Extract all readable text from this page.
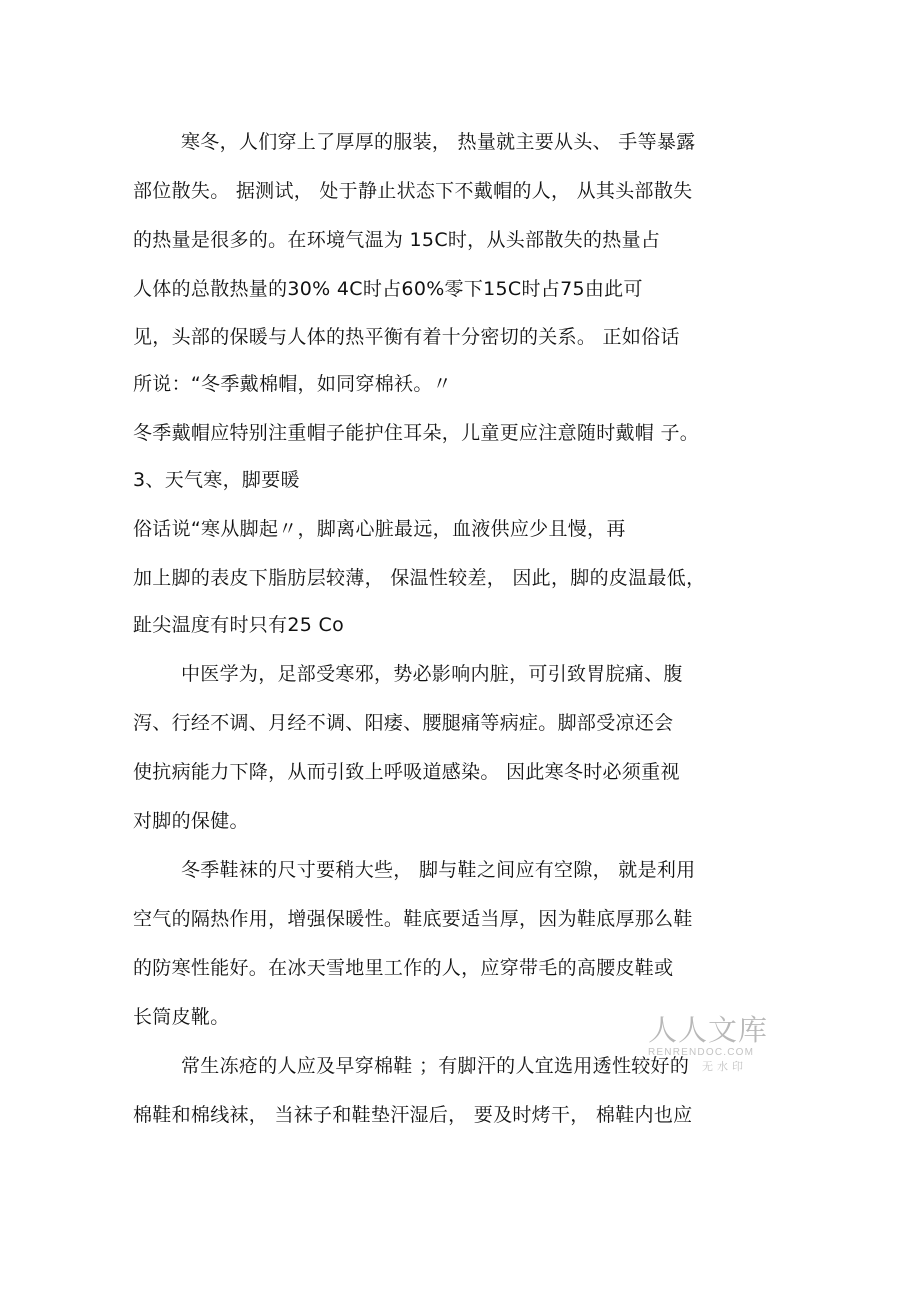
寒冬，人们穿上了厚厚的服装， 热量就主要从头、 手等暴露
部位散失。 据测试， 处于静止状态下不戴帽的人， 从其头部散失
的热量是很多的。在环境气温为 15C时，从头部散失的热量占
人体的总散热量的30% 4C时占60%零下15C时占75由此可
见，头部的保暖与人体的热平衡有着十分密切的关系。 正如俗话
所说：“冬季戴棉帽，如同穿棉袄。〃
冬季戴帽应特别注重帽子能护住耳朵，儿童更应注意随时戴帽 子。
3、天气寒，脚要暖
俗话说“寒从脚起〃，脚离心脏最远，血液供应少且慢，再
加上脚的表皮下脂肪层较薄， 保温性较差， 因此，脚的皮温最低，
趾尖温度有时只有25 Co
中医学为，足部受寒邪，势必影响内脏，可引致胃脘痛、腹
泻、行经不调、月经不调、阳痿、腰腿痛等病症。脚部受凉还会
使抗病能力下降，从而引致上呼吸道感染。 因此寒冬时必须重视
对脚的保健。
冬季鞋袜的尺寸要稍大些， 脚与鞋之间应有空隙， 就是利用
空气的隔热作用，增强保暖性。鞋底要适当厚，因为鞋底厚那么鞋
的防寒性能好。在冰天雪地里工作的人，应穿带毛的高腰皮鞋或
长筒皮靴。
常生冻疮的人应及早穿棉鞋 ；有脚汗的人宜选用透性较好的
棉鞋和棉线袜， 当袜子和鞋垫汗湿后， 要及时烤干， 棉鞋内也应
人人文库
RENRENDOC.COM
无水印
